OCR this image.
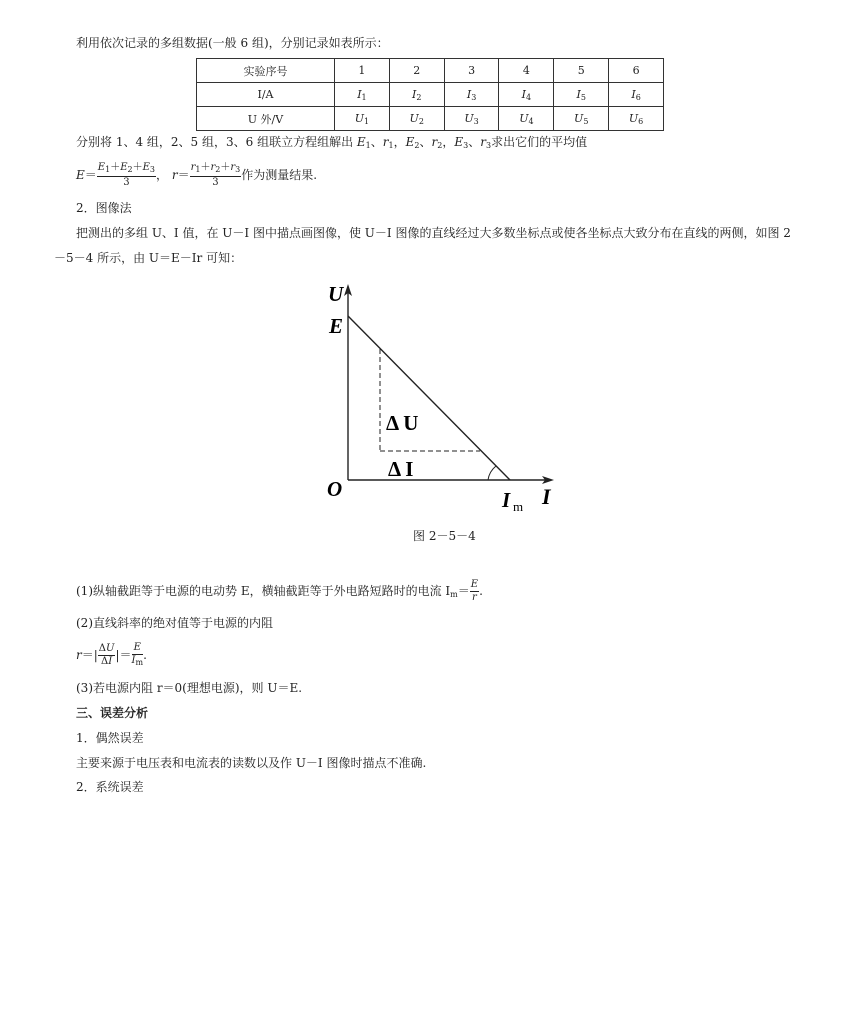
利用依次记录的多组数据(一般 6 组)，分别记录如表所示：
实验序号	1	2	3	4	5	6
I/A	$I_1$	$I_2$	$I_3$	$I_4$	$I_5$	$I_6$
U 外/V	$U_1$	$U_2$	$U_3$	$U_4$	$U_5$	$U_6$
分别将 1、4 组，2、5 组，3、6 组联立方程组解出 $E_1$、$r_1$，$E_2$、$r_2$，$E_3$、$r_3$求出它们的平均值
$E= \frac{E_1+E_2+E_3}{3}$ ， $r= \frac{r_1+r_2+r_3}{3}$ 作为测量结果.
2．图像法
把测出的多组 U、I 值，在 U－I 图中描点画图像，使 U－I 图像的直线经过大多数坐标点或使各坐标点大致分布在直线的两侧，如图 2
－5－4 所示，由 U＝E－Ir 可知：
U
E
O	I
I m
Δ U
Δ I
图 2－5－4
(1)纵轴截距等于电源的电动势 E，横轴截距等于外电路短路时的电流 $I_m= \frac{E}{r}$ .
(2)直线斜率的绝对值等于电源的内阻
$r=| \frac{\Delta U}{\Delta I}$ |＝ $\frac{E}{I_m}$ .
(3)若电源内阻 r＝0(理想电源)，则 U＝E.
三、误差分析
1．偶然误差
主要来源于电压表和电流表的读数以及作 U－I 图像时描点不准确.
2．系统误差
